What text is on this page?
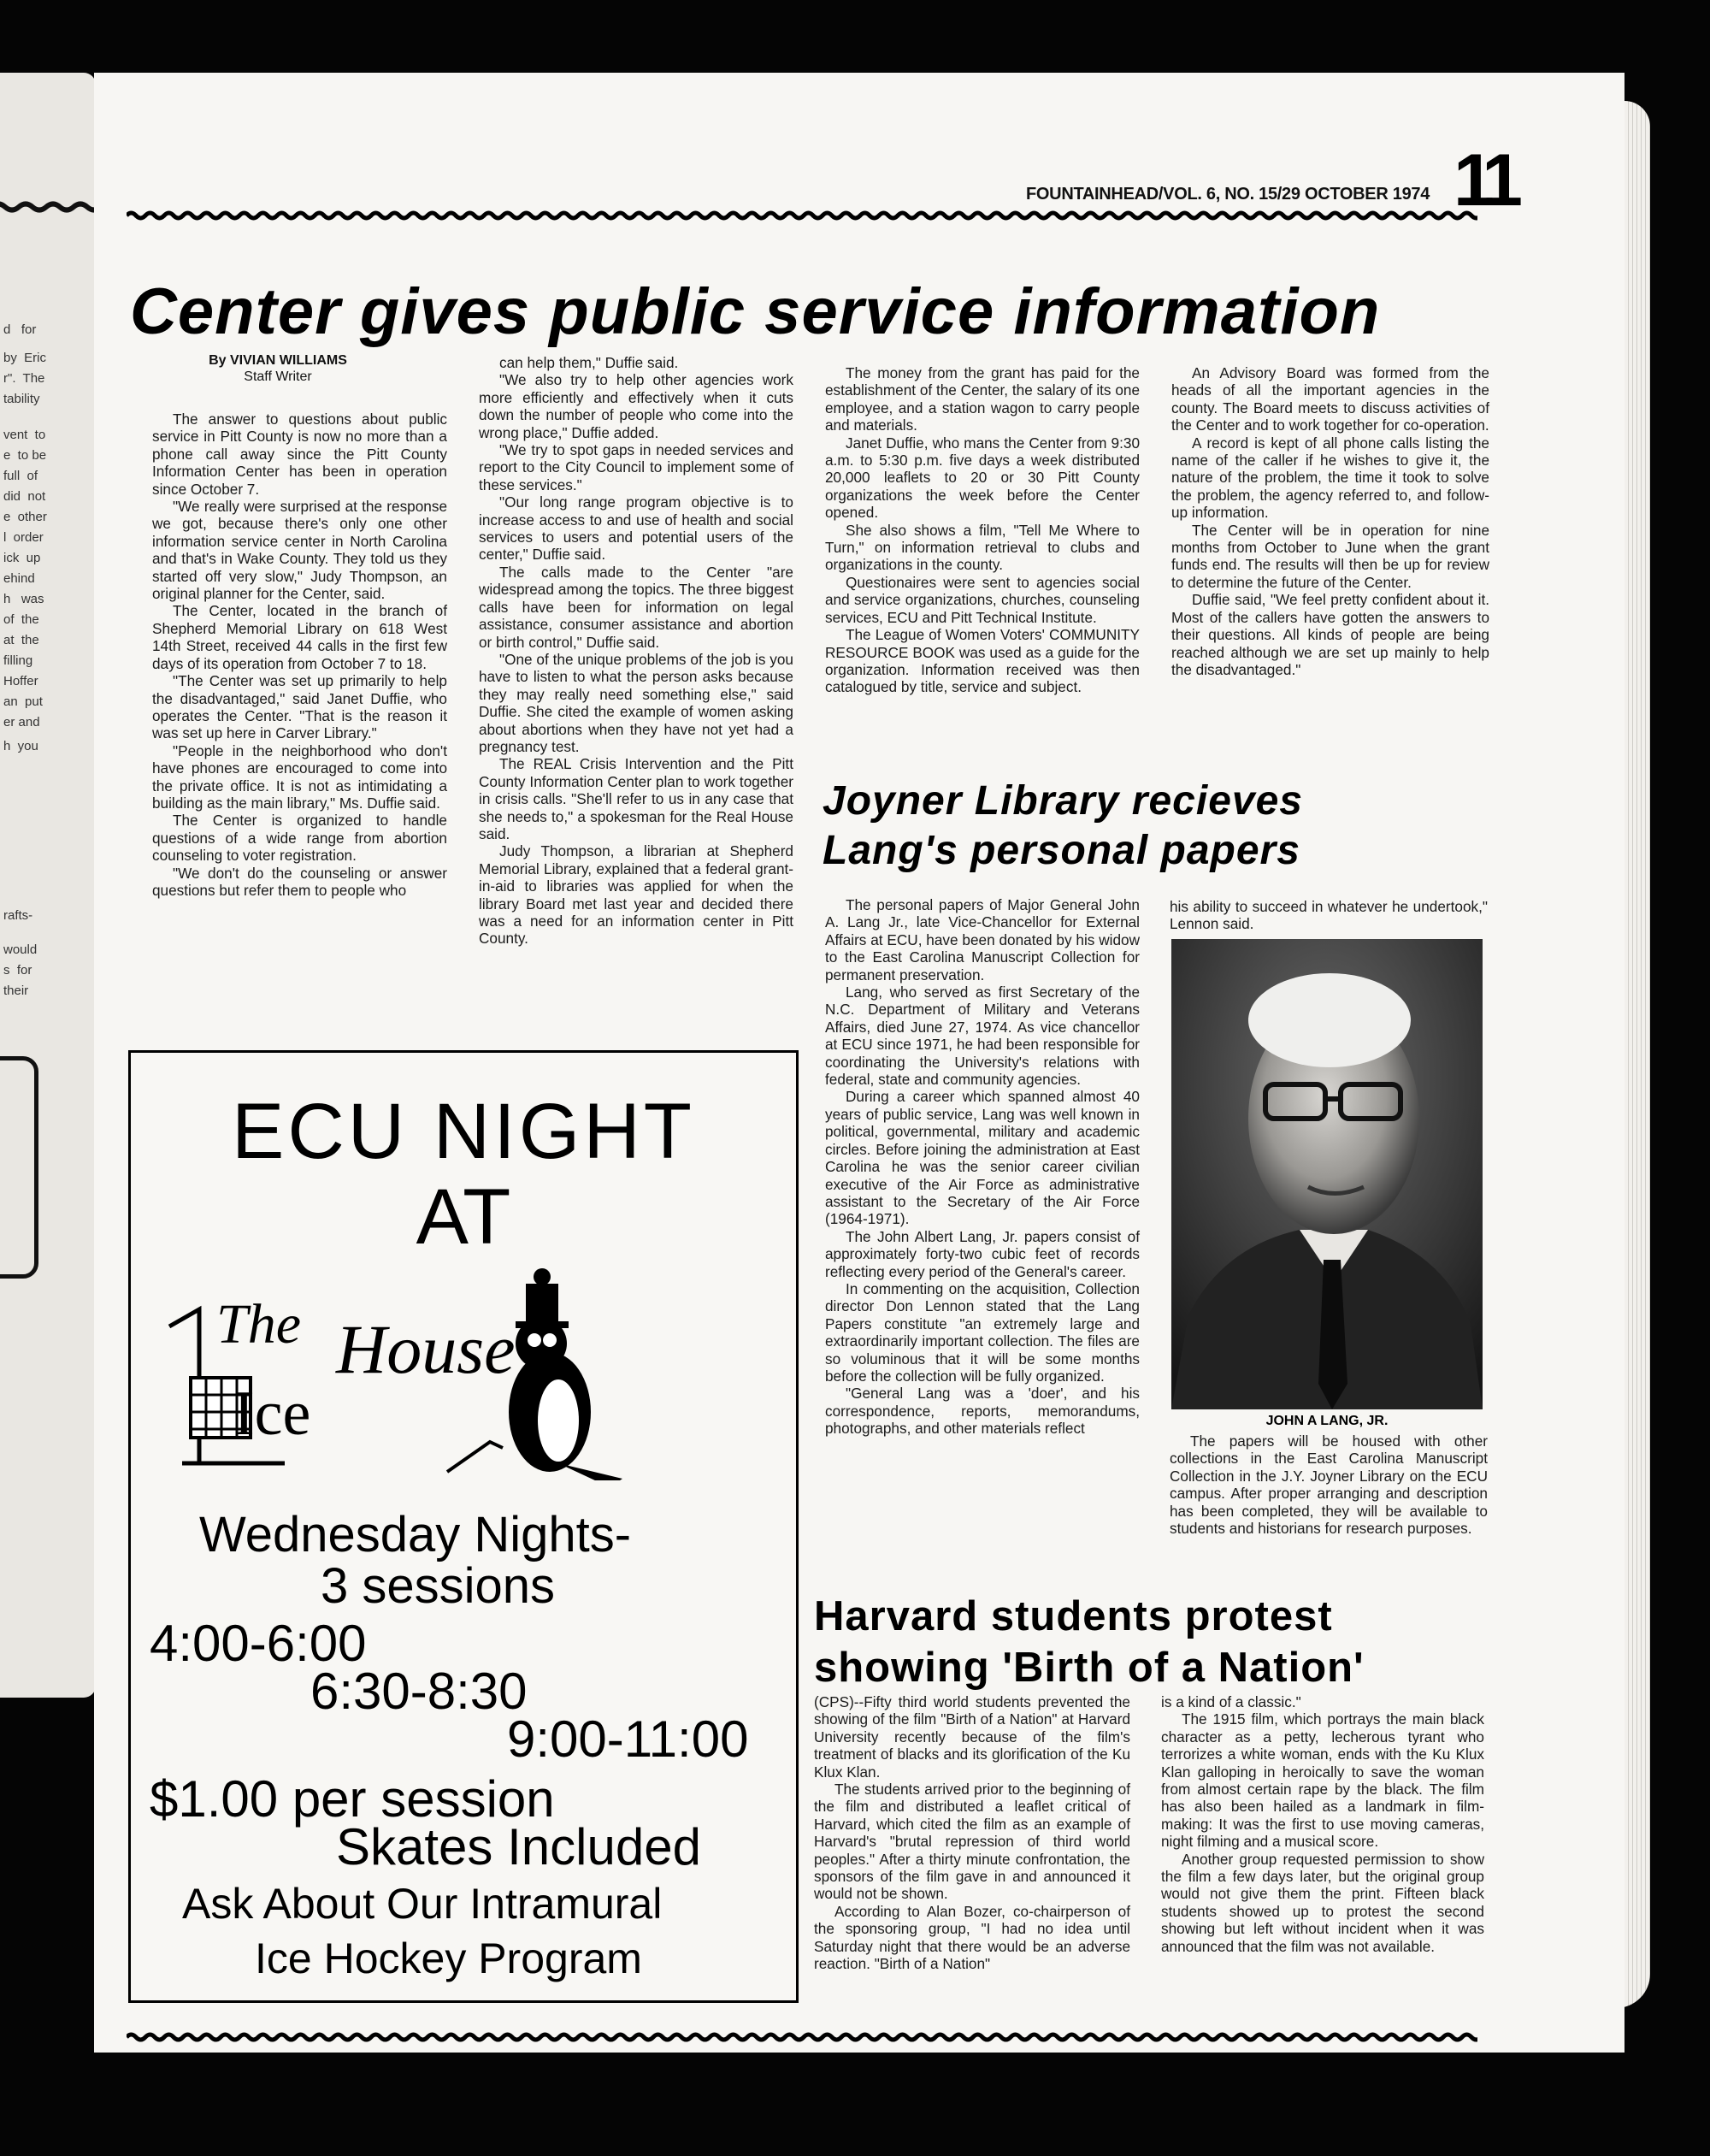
d   for
by  Eric
r".  The
tability
vent  to
e  to be
full  of
did  not
e  other
l  order
ick  up
ehind
h   was
of  the
at  the
filling
Hoffer
an  put
er and
h  you
rafts-
would
s  for
their
FOUNTAINHEAD/VOL. 6, NO. 15/29 OCTOBER 1974 11
Center gives public service information
By VIVIAN WILLIAMS
Staff Writer

The answer to questions about public service in Pitt County is now no more than a phone call away since the Pitt County Information Center has been in operation since October 7.

"We really were surprised at the response we got, because there's only one other information service center in North Carolina and that's in Wake County. They told us they started off very slow," Judy Thompson, an original planner for the Center, said.

The Center, located in the branch of Shepherd Memorial Library on 618 West 14th Street, received 44 calls in the first few days of its operation from October 7 to 18.

"The Center was set up primarily to help the disadvantaged," said Janet Duffie, who operates the Center. "That is the reason it was set up here in Carver Library."

"People in the neighborhood who don't have phones are encouraged to come into the private office. It is not as intimidating a building as the main library," Ms. Duffie said.

The Center is organized to handle questions of a wide range from abortion counseling to voter registration.

"We don't do the counseling or answer questions but refer them to people who

can help them," Duffie said.

"We also try to help other agencies work more efficiently and effectively when it cuts down the number of people who come into the wrong place," Duffie added.

"We try to spot gaps in needed services and report to the City Council to implement some of these services."

"Our long range program objective is to increase access to and use of health and social services to users and potential users of the center," Duffie said.

The calls made to the Center "are widespread among the topics. The three biggest calls have been for information on legal assistance, consumer assistance and abortion or birth control," Duffie said.

"One of the unique problems of the job is you have to listen to what the person asks because they may really need something else," said Duffie. She cited the example of women asking about abortions when they have not yet had a pregnancy test.

The REAL Crisis Intervention and the Pitt County Information Center plan to work together in crisis calls. "She'll refer to us in any case that she needs to," a spokesman for the Real House said.

Judy Thompson, a librarian at Shepherd Memorial Library, explained that a federal grant-in-aid to libraries was applied for when the library Board met last year and decided there was a need for an information center in Pitt County.

The money from the grant has paid for the establishment of the Center, the salary of its one employee, and a station wagon to carry people and materials.

Janet Duffie, who mans the Center from 9:30 a.m. to 5:30 p.m. five days a week distributed 20,000 leaflets to 20 or 30 Pitt County organizations the week before the Center opened.

She also shows a film, "Tell Me Where to Turn," on information retrieval to clubs and organizations in the county.

Questionaires were sent to agencies social and service organizations, churches, counseling services, ECU and Pitt Technical Institute.

The League of Women Voters' COMMUNITY RESOURCE BOOK was used as a guide for the organization. Information received was then catalogued by title, service and subject.

An Advisory Board was formed from the heads of all the important agencies in the county. The Board meets to discuss activities of the Center and to work together for co-operation.

A record is kept of all phone calls listing the name of the caller if he wishes to give it, the nature of the problem, the time it took to solve the problem, the agency referred to, and follow-up information.

The Center will be in operation for nine months from October to June when the grant funds end. The results will then be up for review to determine the future of the Center.

Duffie said, "We feel pretty confident about it. Most of the callers have gotten the answers to their questions. All kinds of people are being reached although we are set up mainly to help the disadvantaged."

Joyner Library recieves
Lang's personal papers

The personal papers of Major General John A. Lang Jr., late Vice-Chancellor for External Affairs at ECU, have been donated by his widow to the East Carolina Manuscript Collection for permanent preservation.

Lang, who served as first Secretary of the N.C. Department of Military and Veterans Affairs, died June 27, 1974. As vice chancellor at ECU since 1971, he had been responsible for coordinating the University's relations with federal, state and community agencies.

During a career which spanned almost 40 years of public service, Lang was well known in political, governmental, military and academic circles. Before joining the administration at East Carolina he was the senior career civilian executive of the Air Force as administrative assistant to the Secretary of the Air Force (1964-1971).

The John Albert Lang, Jr. papers consist of approximately forty-two cubic feet of records reflecting every period of the General's career.

In commenting on the acquisition, Collection director Don Lennon stated that the Lang Papers constitute "an extremely large and extraordinarily important collection. The files are so voluminous that it will be some months before the collection will be fully organized.

"General Lang was a 'doer', and his correspondence, reports, memorandums, photographs, and other materials reflect

his ability to succeed in whatever he undertook," Lennon said.
JOHN A LANG, JR.

The papers will be housed with other collections in the East Carolina Manuscript Collection in the J.Y. Joyner Library on the ECU campus. After proper arranging and description has been completed, they will be available to students and historians for research purposes.

Harvard students protest
showing 'Birth of a Nation'

(CPS)--Fifty third world students prevented the showing of the film "Birth of a Nation" at Harvard University recently because of the film's treatment of blacks and its glorification of the Ku Klux Klan.

The students arrived prior to the beginning of the film and distributed a leaflet critical of Harvard, which cited the film as an example of Harvard's "brutal repression of third world peoples." After a thirty minute confrontation, the sponsors of the film gave in and announced it would not be shown.

According to Alan Bozer, co-chairperson of the sponsoring group, "I had no idea until Saturday night that there would be an adverse reaction. "Birth of a Nation"

is a kind of a classic."

The 1915 film, which portrays the main black character as a petty, lecherous tyrant who terrorizes a white woman, ends with the Ku Klux Klan galloping in heroically to save the woman from almost certain rape by the black. The film has also been hailed as a landmark in film-making: It was the first to use moving cameras, night filming and a musical score.

Another group requested permission to show the film a few days later, but the original group would not give them the print. Fifteen black students showed up to protest the second showing but left without incident when it was announced that the film was not available.

ECU NIGHT
AT
The
Ice
House
Wednesday Nights-
3 sessions
4:00-6:00
6:30-8:30
9:00-11:00
$1.00 per session
Skates Included
Ask About Our Intramural
Ice Hockey Program
